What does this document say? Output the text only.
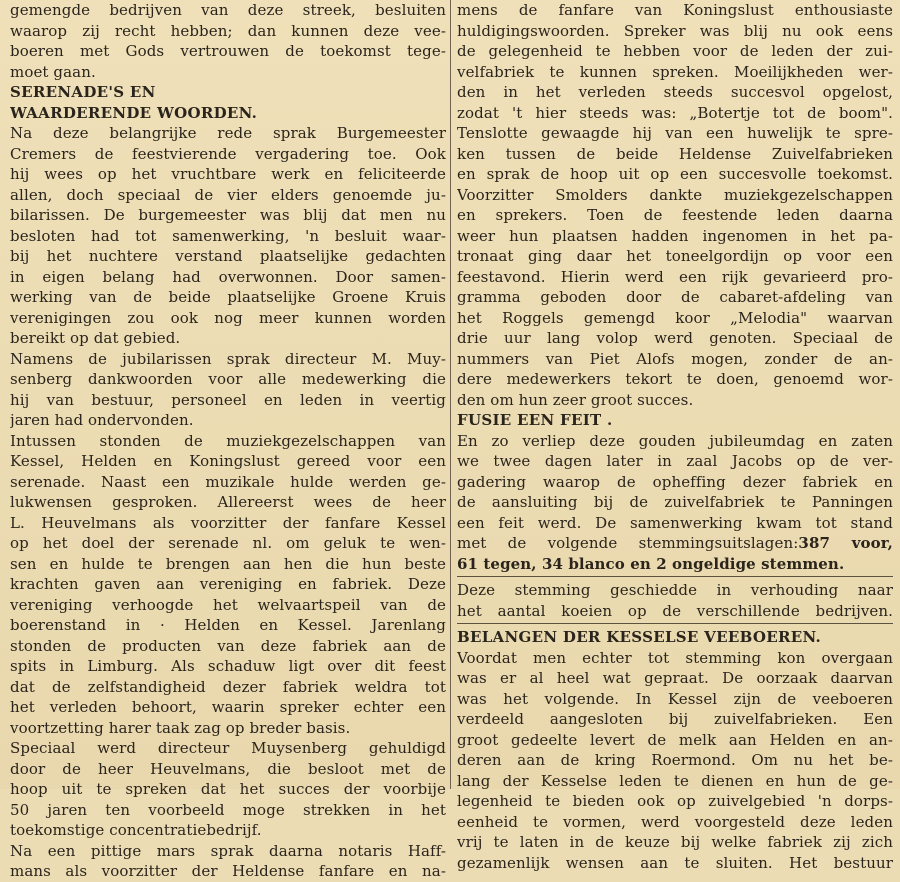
gemengde bedrijven van deze streek, besluiten
waarop zij recht hebben; dan kunnen deze vee-
boeren met Gods vertrouwen de toekomst tege-
moet gaan.
SERENADE'S EN
WAARDERENDE WOORDEN.
Na deze belangrijke rede sprak Burgemeester
Cremers de feestvierende vergadering toe. Ook
hij wees op het vruchtbare werk en feliciteerde
allen, doch speciaal de vier elders genoemde ju-
bilarissen. De burgemeester was blij dat men nu
besloten had tot samenwerking, 'n besluit waar-
bij het nuchtere verstand plaatselijke gedachten
in eigen belang had overwonnen. Door samen-
werking van de beide plaatselijke Groene Kruis
verenigingen zou ook nog meer kunnen worden
bereikt op dat gebied.
Namens de jubilarissen sprak directeur M. Muy-
senberg dankwoorden voor alle medewerking die
hij van bestuur, personeel en leden in veertig
jaren had ondervonden.
Intussen stonden de muziekgezelschappen van
Kessel, Helden en Koningslust gereed voor een
serenade. Naast een muzikale hulde werden ge-
lukwensen gesproken. Allereerst wees de heer
L. Heuvelmans als voorzitter der fanfare Kessel
op het doel der serenade nl. om geluk te wen-
sen en hulde te brengen aan hen die hun beste
krachten gaven aan vereniging en fabriek. Deze
vereniging verhoogde het welvaartspeil van de
boerenstand in · Helden en Kessel. Jarenlang
stonden de producten van deze fabriek aan de
spits in Limburg. Als schaduw ligt over dit feest
dat de zelfstandigheid dezer fabriek weldra tot
het verleden behoort, waarin spreker echter een
voortzetting harer taak zag op breder basis.
Speciaal werd directeur Muysenberg gehuldigd
door de heer Heuvelmans, die besloot met de
hoop uit te spreken dat het succes der voorbije
50 jaren ten voorbeeld moge strekken in het
toekomstige concentratiebedrijf.
Na een pittige mars sprak daarna notaris Haff-
mans als voorzitter der Heldense fanfare en na-
mens de fanfare van Koningslust enthousiaste
huldigingswoorden. Spreker was blij nu ook eens
de gelegenheid te hebben voor de leden der zui-
velfabriek te kunnen spreken. Moeilijkheden wer-
den in het verleden steeds succesvol opgelost,
zodat 't hier steeds was: „Botertje tot de boom".
Tenslotte gewaagde hij van een huwelijk te spre-
ken tussen de beide Heldense Zuivelfabrieken
en sprak de hoop uit op een succesvolle toekomst.
Voorzitter Smolders dankte muziekgezelschappen
en sprekers. Toen de feestende leden daarna
weer hun plaatsen hadden ingenomen in het pa-
tronaat ging daar het toneelgordijn op voor een
feestavond. Hierin werd een rijk gevarieerd pro-
gramma geboden door de cabaret-afdeling van
het Roggels gemengd koor „Melodia" waarvan
drie uur lang volop werd genoten. Speciaal de
nummers van Piet Alofs mogen, zonder de an-
dere medewerkers tekort te doen, genoemd wor-
den om hun zeer groot succes.
FUSIE EEN FEIT .
En zo verliep deze gouden jubileumdag en zaten
we twee dagen later in zaal Jacobs op de ver-
gadering waarop de opheffing dezer fabriek en
de aansluiting bij de zuivelfabriek te Panningen
een feit werd. De samenwerking kwam tot stand
met de volgende stemmingsuitslagen:387 voor,
61 tegen, 34 blanco en 2 ongeldige stemmen.
Deze stemming geschiedde in verhouding naar
het aantal koeien op de verschillende bedrijven.
BELANGEN DER KESSELSE VEEBOEREN.
Voordat men echter tot stemming kon overgaan
was er al heel wat gepraat. De oorzaak daarvan
was het volgende. In Kessel zijn de veeboeren
verdeeld aangesloten bij zuivelfabrieken. Een
groot gedeelte levert de melk aan Helden en an-
deren aan de kring Roermond. Om nu het be-
lang der Kesselse leden te dienen en hun de ge-
legenheid te bieden ook op zuivelgebied 'n dorps-
eenheid te vormen, werd voorgesteld deze leden
vrij te laten in de keuze bij welke fabriek zij zich
gezamenlijk wensen aan te sluiten. Het bestuur
